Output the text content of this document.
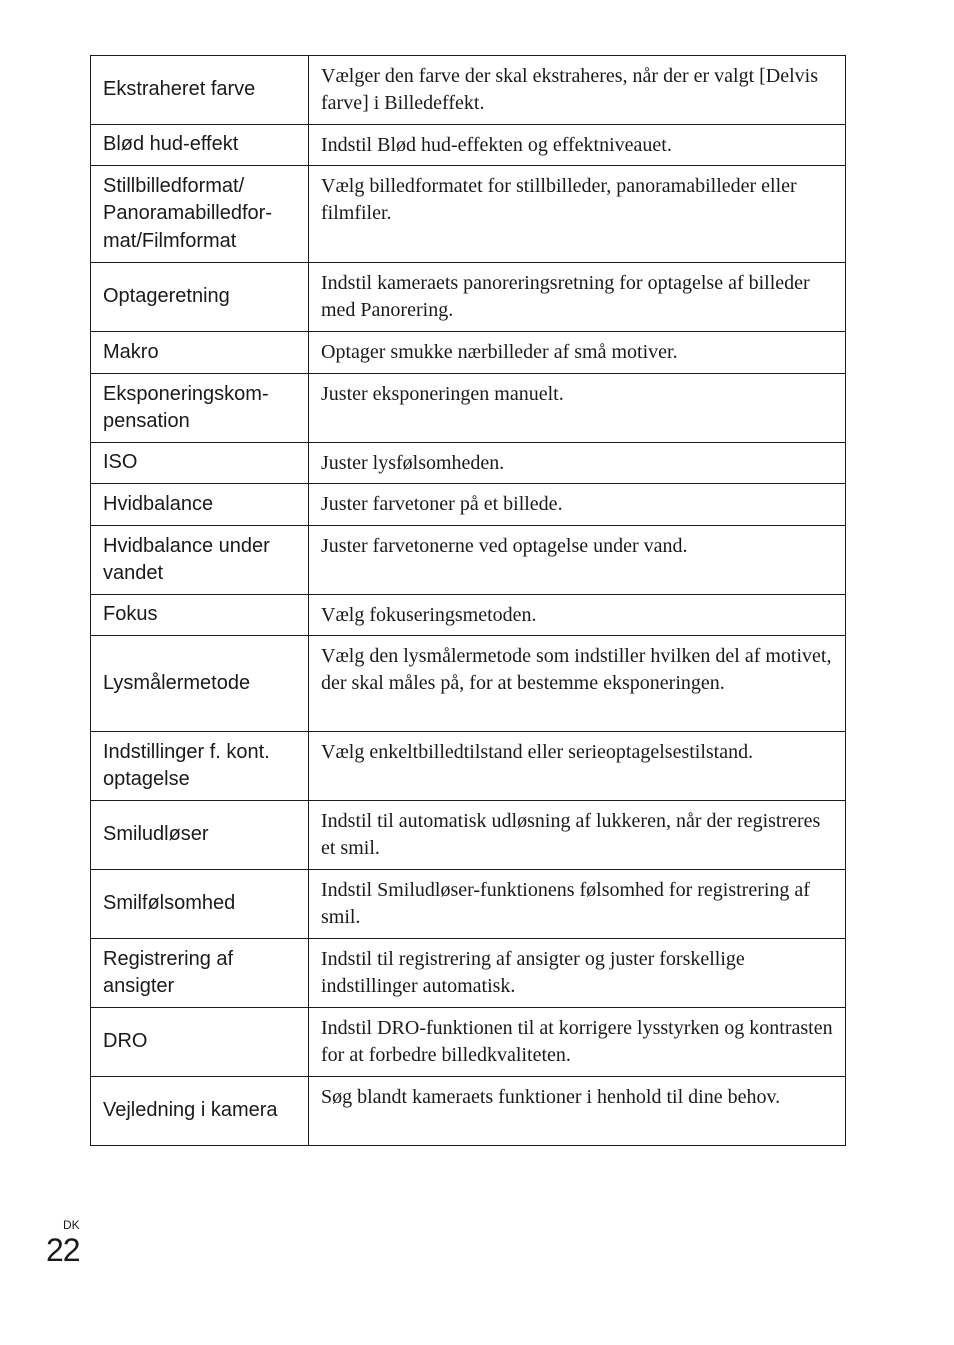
Ekstraheret farve	Vælger den farve der skal ekstraheres, når der er valgt [Delvis farve] i Billedeffekt.
Blød hud-effekt	Indstil Blød hud-effekten og effektniveauet.
Stillbilledformat/ Panoramabilledfor- mat/Filmformat	Vælg billedformatet for stillbilleder, panoramabilleder eller filmfiler.
Optageretning	Indstil kameraets panoreringsretning for optagelse af billeder med Panorering.
Makro	Optager smukke nærbilleder af små motiver.
Eksponeringskom- pensation	Juster eksponeringen manuelt.
ISO	Juster lysfølsomheden.
Hvidbalance	Juster farvetoner på et billede.
Hvidbalance under vandet	Juster farvetonerne ved optagelse under vand.
Fokus	Vælg fokuseringsmetoden.
Lysmålermetode	Vælg den lysmålermetode som indstiller hvilken del af motivet, der skal måles på, for at bestemme eksponeringen.
Indstillinger f. kont. optagelse	Vælg enkeltbilledtilstand eller serieoptagelsestilstand.
Smiludløser	Indstil til automatisk udløsning af lukkeren, når der registreres et smil.
Smilfølsomhed	Indstil Smiludløser-funktionens følsomhed for registrering af smil.
Registrering af ansigter	Indstil til registrering af ansigter og juster forskellige indstillinger automatisk.
DRO	Indstil DRO-funktionen til at korrigere lysstyrken og kontrasten for at forbedre billedkvaliteten.
Vejledning i kamera	Søg blandt kameraets funktioner i henhold til dine behov.
DK
22
